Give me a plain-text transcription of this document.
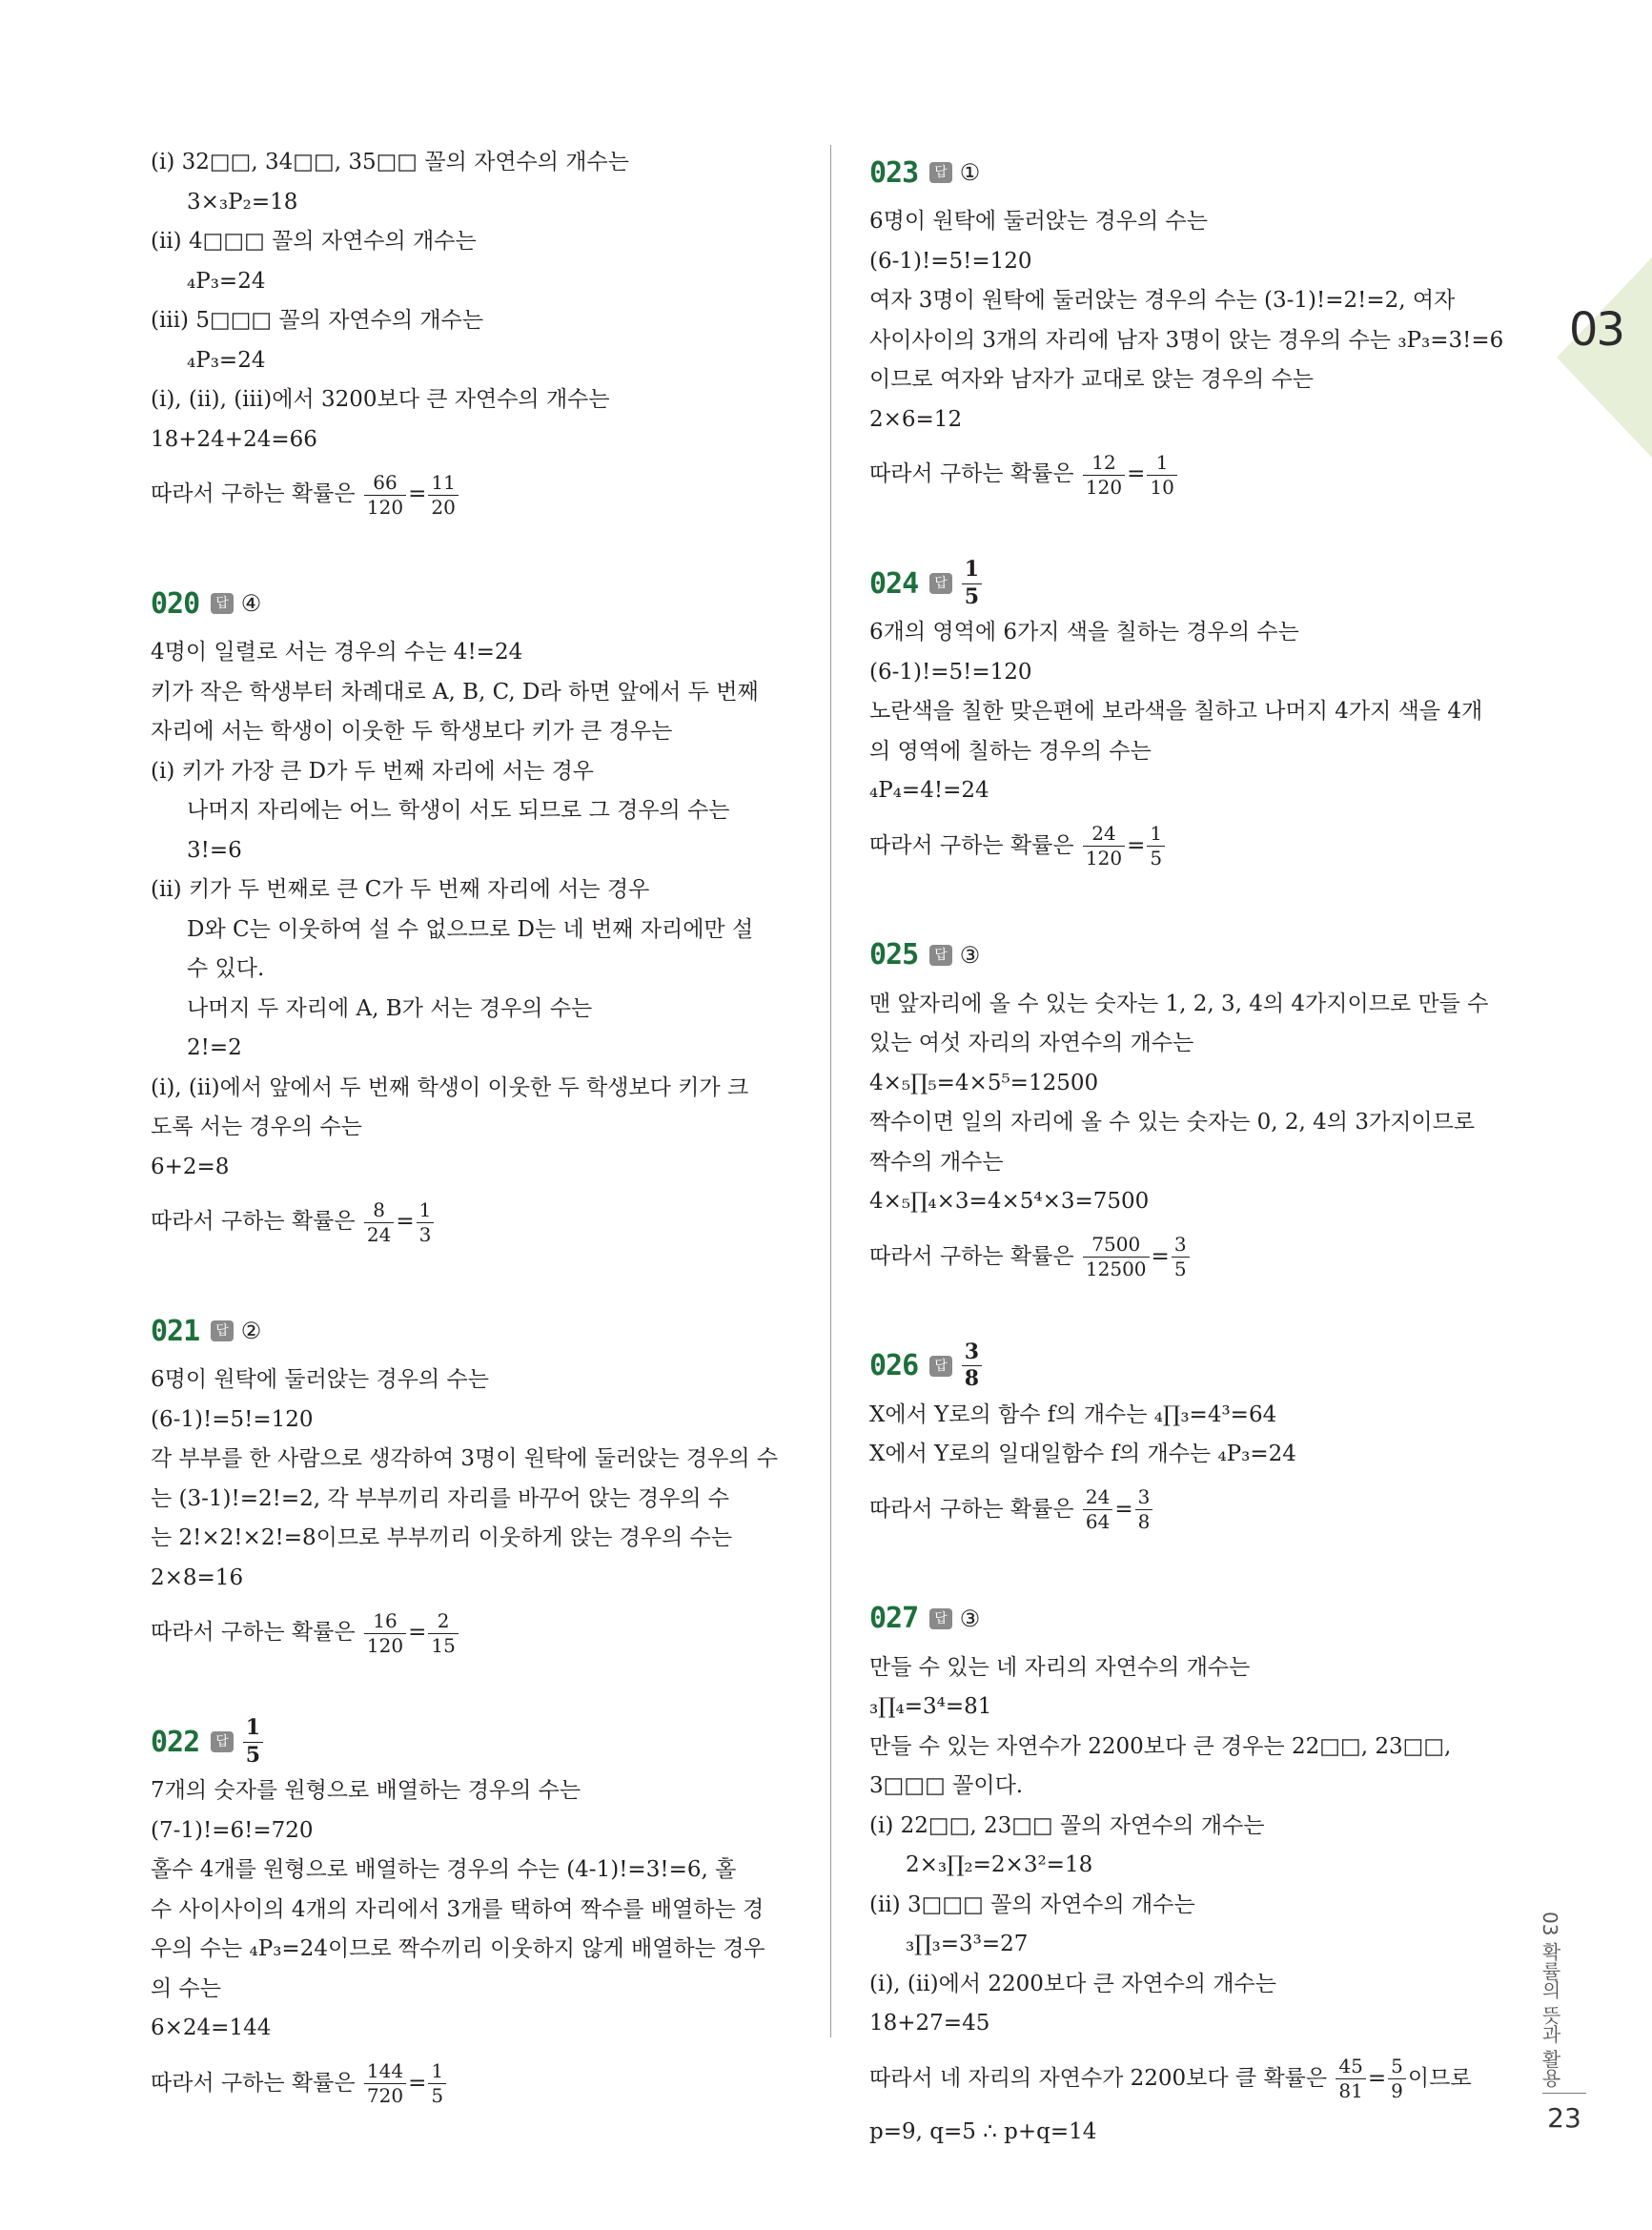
(ⅰ) 32□□, 34□□, 35□□ 꼴의 자연수의 개수는
3×₃P₂=18
(ⅱ) 4□□□ 꼴의 자연수의 개수는
₄P₃=24
(ⅲ) 5□□□ 꼴의 자연수의 개수는
₄P₃=24
(ⅰ), (ⅱ), (ⅲ)에서 3200보다 큰 자연수의 개수는
18+24+24=66
따라서 구하는 확률은 $\frac{66}{120} = \frac{11}{20}$
020	답 ④
4명이 일렬로 서는 경우의 수는 4!=24
키가 작은 학생부터 차례대로 A, B, C, D라 하면 앞에서 두 번째
자리에 서는 학생이 이웃한 두 학생보다 키가 큰 경우는
(ⅰ) 키가 가장 큰 D가 두 번째 자리에 서는 경우
나머지 자리에는 어느 학생이 서도 되므로 그 경우의 수는
3!=6
(ⅱ) 키가 두 번째로 큰 C가 두 번째 자리에 서는 경우
D와 C는 이웃하여 설 수 없으므로 D는 네 번째 자리에만 설
수 있다.
나머지 두 자리에 A, B가 서는 경우의 수는
2!=2
(ⅰ), (ⅱ)에서 앞에서 두 번째 학생이 이웃한 두 학생보다 키가 크
도록 서는 경우의 수는
6+2=8
따라서 구하는 확률은 $\frac{8}{24} = \frac{1}{3}$
021	답 ②
6명이 원탁에 둘러앉는 경우의 수는
(6-1)!=5!=120
각 부부를 한 사람으로 생각하여 3명이 원탁에 둘러앉는 경우의 수
는 (3-1)!=2!=2, 각 부부끼리 자리를 바꾸어 앉는 경우의 수
는 2!×2!×2!=8이므로 부부끼리 이웃하게 앉는 경우의 수는
2×8=16
따라서 구하는 확률은 $\frac{16}{120} = \frac{2}{15}$
022	답 $\frac{1}{5}$
7개의 숫자를 원형으로 배열하는 경우의 수는
(7-1)!=6!=720
홀수 4개를 원형으로 배열하는 경우의 수는 (4-1)!=3!=6, 홀
수 사이사이의 4개의 자리에서 3개를 택하여 짝수를 배열하는 경
우의 수는 ₄P₃=24이므로 짝수끼리 이웃하지 않게 배열하는 경우
의 수는
6×24=144
따라서 구하는 확률은 $\frac{144}{720} = \frac{1}{5}$
023	답 ①
6명이 원탁에 둘러앉는 경우의 수는
(6-1)!=5!=120
여자 3명이 원탁에 둘러앉는 경우의 수는 (3-1)!=2!=2, 여자
사이사이의 3개의 자리에 남자 3명이 앉는 경우의 수는 ₃P₃=3!=6
이므로 여자와 남자가 교대로 앉는 경우의 수는
2×6=12
따라서 구하는 확률은 $\frac{12}{120} = \frac{1}{10}$
024	답 $\frac{1}{5}$
6개의 영역에 6가지 색을 칠하는 경우의 수는
(6-1)!=5!=120
노란색을 칠한 맞은편에 보라색을 칠하고 나머지 4가지 색을 4개
의 영역에 칠하는 경우의 수는
₄P₄=4!=24
따라서 구하는 확률은 $\frac{24}{120} = \frac{1}{5}$
025	답 ③
맨 앞자리에 올 수 있는 숫자는 1, 2, 3, 4의 4가지이므로 만들 수
있는 여섯 자리의 자연수의 개수는
4×₅∏₅=4×5⁵=12500
짝수이면 일의 자리에 올 수 있는 숫자는 0, 2, 4의 3가지이므로
짝수의 개수는
4×₅∏₄×3=4×5⁴×3=7500
따라서 구하는 확률은 $\frac{7500}{12500} = \frac{3}{5}$
026	답 $\frac{3}{8}$
X에서 Y로의 함수 f의 개수는 ₄∏₃=4³=64
X에서 Y로의 일대일함수 f의 개수는 ₄P₃=24
따라서 구하는 확률은 $\frac{24}{64} = \frac{3}{8}$
027	답 ③
만들 수 있는 네 자리의 자연수의 개수는
₃∏₄=3⁴=81
만들 수 있는 자연수가 2200보다 큰 경우는 22□□, 23□□,
3□□□ 꼴이다.
(ⅰ) 22□□, 23□□ 꼴의 자연수의 개수는
2×₃∏₂=2×3²=18
(ⅱ) 3□□□ 꼴의 자연수의 개수는
₃∏₃=3³=27
(ⅰ), (ⅱ)에서 2200보다 큰 자연수의 개수는
18+27=45
따라서 네 자리의 자연수가 2200보다 클 확률은 $\frac{45}{81} = \frac{5}{9}$ 이므로
p=9, q=5 ∴ p+q=14
03
03 확률의 뜻과 활용
23
